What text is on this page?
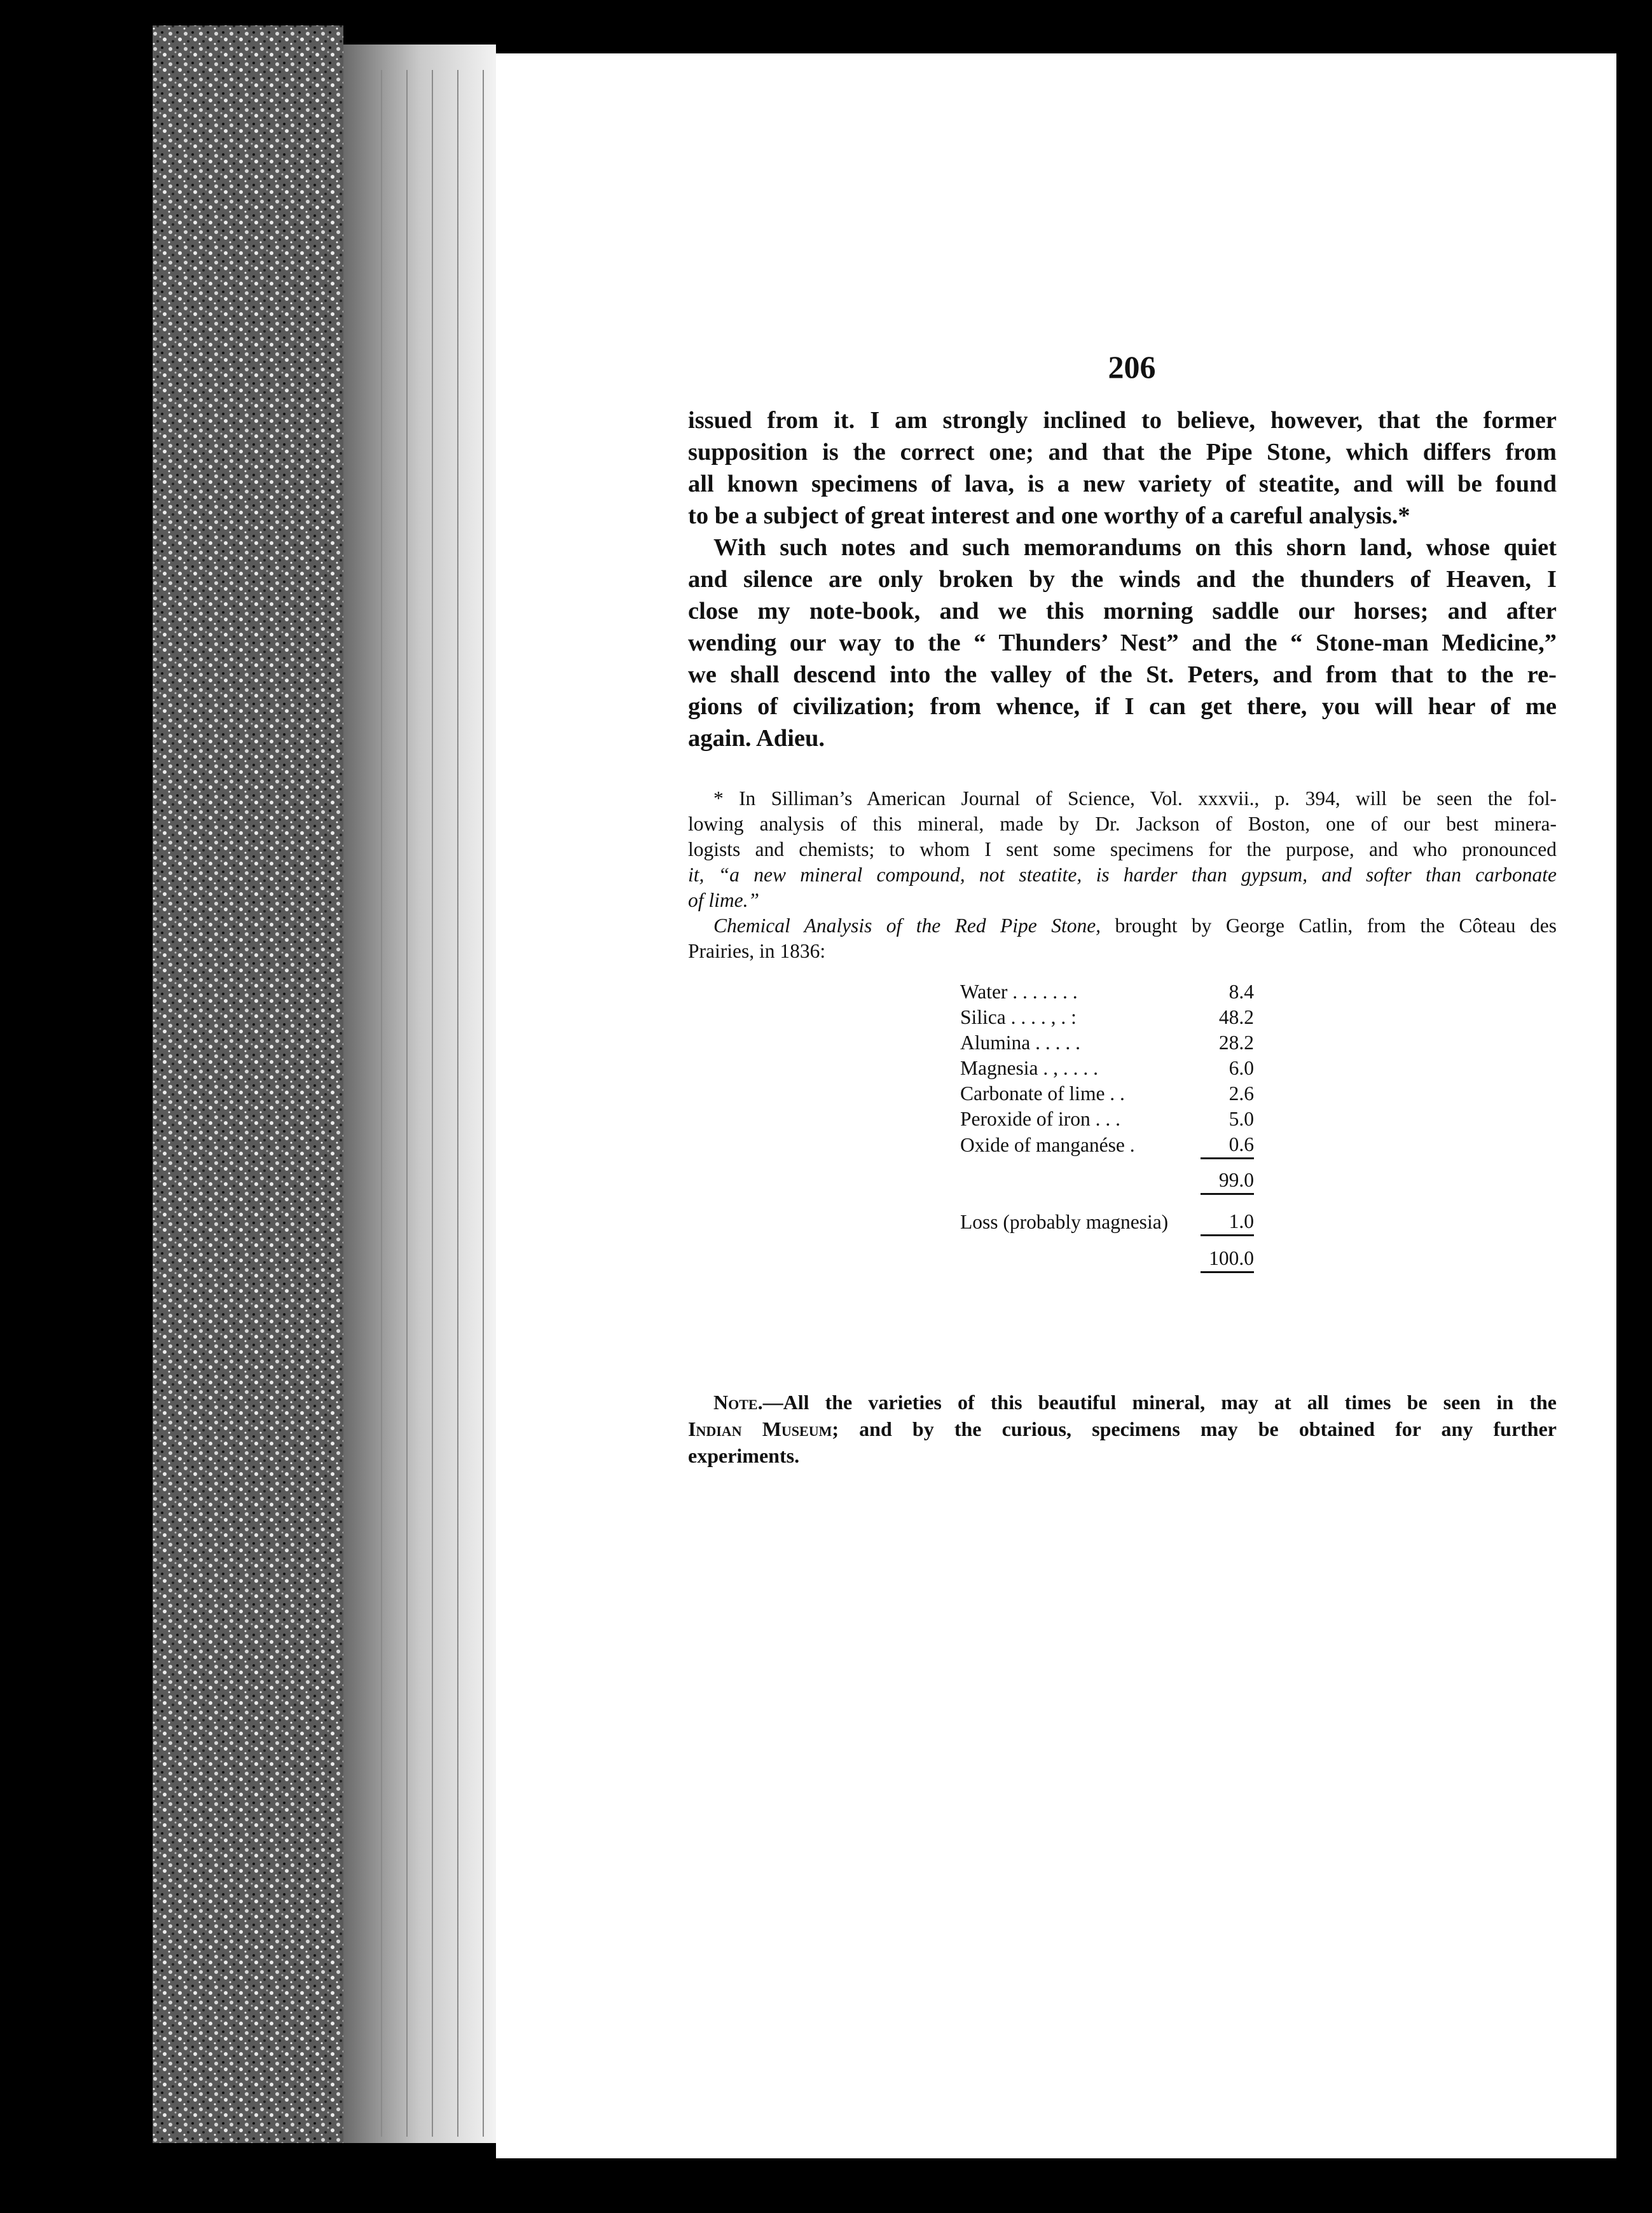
206

issued from it. I am strongly inclined to believe, however, that the former
supposition is the correct one; and that the Pipe Stone, which differs from
all known specimens of lava, is a new variety of steatite, and will be found
to be a subject of great interest and one worthy of a careful analysis.*

With such notes and such memorandums on this shorn land, whose quiet
and silence are only broken by the winds and the thunders of Heaven, I
close my note-book, and we this morning saddle our horses; and after
wending our way to the “ Thunders’ Nest” and the “ Stone-man Medicine,”
we shall descend into the valley of the St. Peters, and from that to the re-
gions of civilization; from whence, if I can get there, you will hear of me
again. Adieu.

* In Silliman’s American Journal of Science, Vol. xxxvii., p. 394, will be seen the fol-
lowing analysis of this mineral, made by Dr. Jackson of Boston, one of our best minera-
logists and chemists; to whom I sent some specimens for the purpose, and who pronounced
it, “a new mineral compound, not steatite, is harder than gypsum, and softer than carbonate
of lime.”
Chemical Analysis of the Red Pipe Stone, brought by George Catlin, from the Côteau des
Prairies, in 1836:
Water . . . . . . .	8.4
Silica . . . . , . :	48.2
Alumina . . . . .	28.2
Magnesia . , . . . .	6.0
Carbonate of lime . .	2.6
Peroxide of iron . . .	5.0
Oxide of manganése .	0.6

	99.0

Loss (probably magnesia)	1.0

	100.0
Note.—All the varieties of this beautiful mineral, may at all times be seen in the
Indian Museum; and by the curious, specimens may be obtained for any further
experiments.
